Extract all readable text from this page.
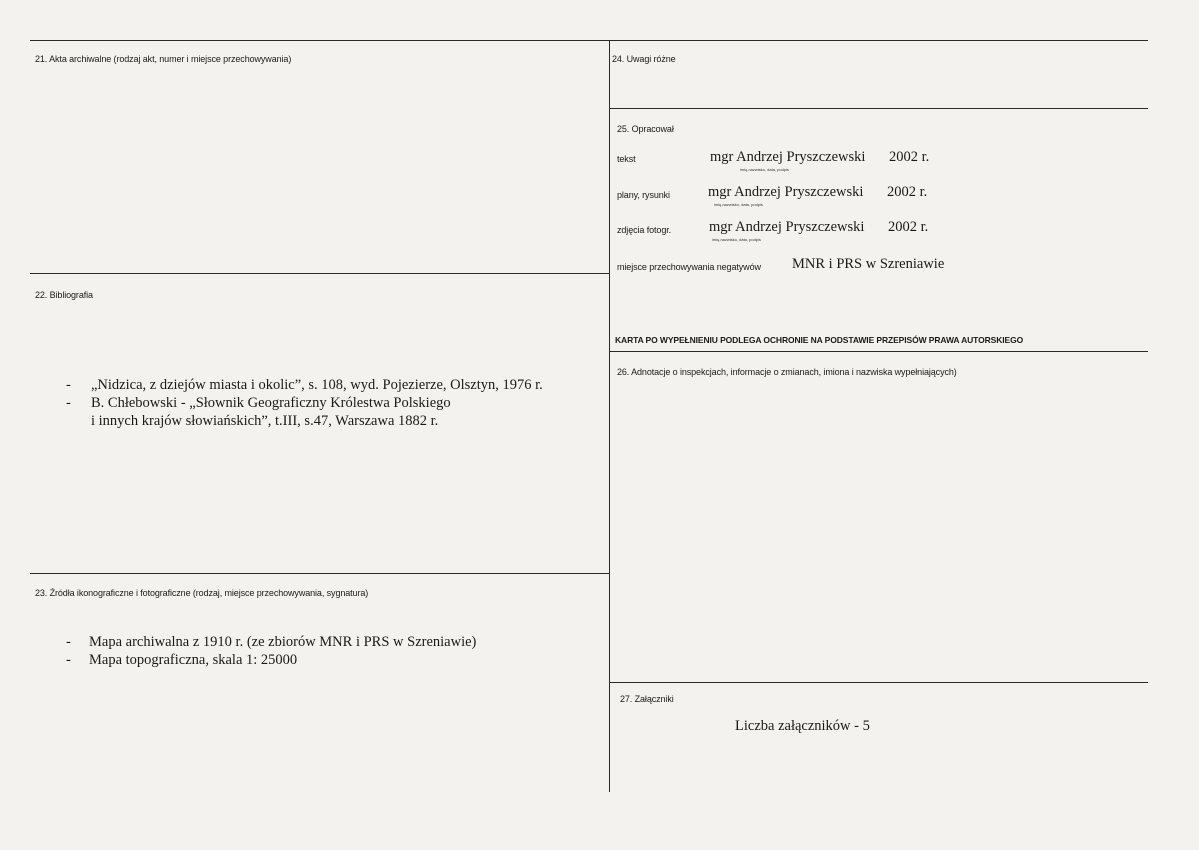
21. Akta archiwalne (rodzaj akt, numer i miejsce przechowywania)
22. Bibliografia
- „Nidzica, z dziejów miasta i okolic”, s. 108, wyd. Pojezierze, Olsztyn, 1976 r.
- B. Chłebowski - „Słownik Geograficzny Królestwa Polskiego
i innych krajów słowiańskich”, t.III, s.47, Warszawa 1882 r.
23. Źródła ikonograficzne i fotograficzne (rodzaj, miejsce przechowywania, sygnatura)
- Mapa archiwalna z 1910 r. (ze zbiorów MNR i PRS w Szreniawie)
- Mapa topograficzna, skala 1: 25000
24. Uwagi różne
25. Opracował
tekst	mgr Andrzej Pryszczewski 2002 r.
imię,nazwisko, data, podpis
plany, rysunki	mgr Andrzej Pryszczewski 2002 r.
imię,nazwisko, data, podpis
zdjęcia fotogr.	mgr Andrzej Pryszczewski 2002 r.
imię,nazwisko, data, podpis
miejsce przechowywania negatywów MNR i PRS w Szreniawie
KARTA PO WYPEŁNIENIU PODLEGA OCHRONIE NA PODSTAWIE PRZEPISÓW PRAWA AUTORSKIEGO
26. Adnotacje o inspekcjach, informacje o zmianach, imiona i nazwiska wypełniających)
27. Załączniki
Liczba załączników - 5
